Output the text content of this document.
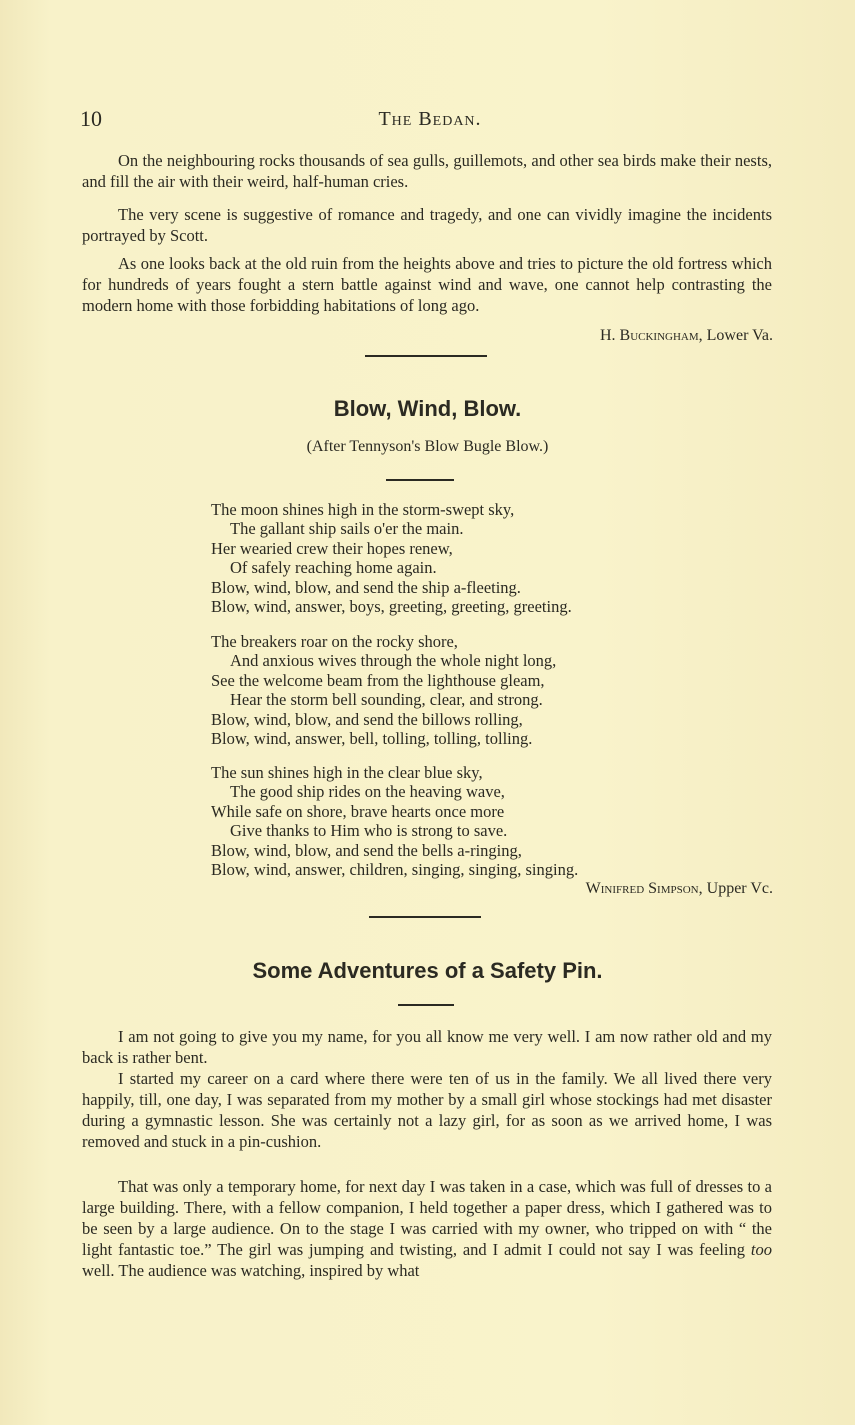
10	The Bedan.

On the neighbouring rocks thousands of sea gulls, guillemots, and other sea birds make their nests, and fill the air with their weird, half-human cries.

The very scene is suggestive of romance and tragedy, and one can vividly imagine the incidents portrayed by Scott.

As one looks back at the old ruin from the heights above and tries to picture the old fortress which for hundreds of years fought a stern battle against wind and wave, one cannot help contrasting the modern home with those forbidding habitations of long ago.

H. Buckingham, Lower Va.
Blow, Wind, Blow.
(After Tennyson's Blow Bugle Blow.)
The moon shines high in the storm-swept sky,
The gallant ship sails o'er the main.
Her wearied crew their hopes renew,
Of safely reaching home again.
Blow, wind, blow, and send the ship a-fleeting.
Blow, wind, answer, boys, greeting, greeting, greeting.
The breakers roar on the rocky shore,
And anxious wives through the whole night long,
See the welcome beam from the lighthouse gleam,
Hear the storm bell sounding, clear, and strong.
Blow, wind, blow, and send the billows rolling,
Blow, wind, answer, bell, tolling, tolling, tolling.
The sun shines high in the clear blue sky,
The good ship rides on the heaving wave,
While safe on shore, brave hearts once more
Give thanks to Him who is strong to save.
Blow, wind, blow, and send the bells a-ringing,
Blow, wind, answer, children, singing, singing, singing.
Winifred Simpson, Upper Vc.
Some Adventures of a Safety Pin.

I am not going to give you my name, for you all know me very well. I am now rather old and my back is rather bent.

I started my career on a card where there were ten of us in the family. We all lived there very happily, till, one day, I was separated from my mother by a small girl whose stockings had met disaster during a gymnastic lesson. She was certainly not a lazy girl, for as soon as we arrived home, I was removed and stuck in a pin-cushion.

That was only a temporary home, for next day I was taken in a case, which was full of dresses to a large building. There, with a fellow companion, I held together a paper dress, which I gathered was to be seen by a large audience. On to the stage I was carried with my owner, who tripped on with “ the light fantastic toe.” The girl was jumping and twisting, and I admit I could not say I was feeling too well. The audience was watching, inspired by what
